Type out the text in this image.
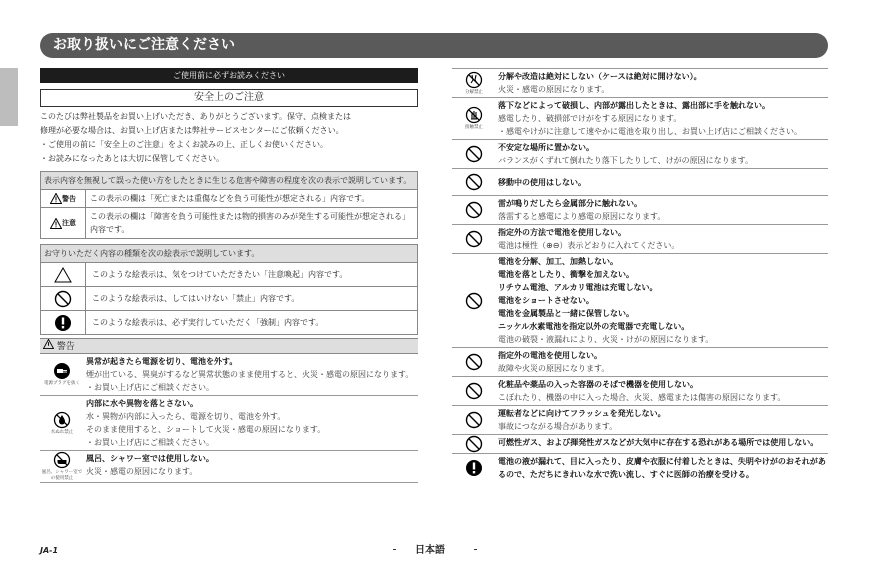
お取り扱いにご注意ください
ご使用前に必ずお読みください
安全上のご注意
このたびは弊社製品をお買い上げいただき、ありがとうございます。保守、点検または
修理が必要な場合は、お買い上げ店または弊社サービスセンターにご依頼ください。
・ご使用の前に「安全上のご注意」をよくお読みの上、正しくお使いください。
・お読みになったあとは大切に保管してください。
表示内容を無視して誤った使い方をしたときに生じる危害や障害の程度を次の表示で説明しています。
警告	この表示の欄は「死亡または重傷などを負う可能性が想定される」内容です。
注意
この表示の欄は「障害を負う可能性または物的損害のみが発生する可能性が想定される」内容です。
お守りいただく内容の種類を次の絵表示で説明しています。
このような絵表示は、気をつけていただきたい「注意喚起」内容です。
このような絵表示は、してはいけない「禁止」内容です。
このような絵表示は、必ず実行していただく「強制」内容です。
警告
電源プラグを抜く
異常が起きたら電源を切り、電池を外す。
煙が出ている、異臭がするなど異常状態のまま使用すると、火災・感電の原因になります。
・お買い上げ店にご相談ください。
水ぬれ禁止
内部に水や異物を落とさない。
水・異物が内部に入ったら、電源を切り、電池を外す。
そのまま使用すると、ショートして火災・感電の原因になります。
・お買い上げ店にご相談ください。
風呂、シャワー室での使用禁止
風呂、シャワー室では使用しない。
火災・感電の原因になります。
分解禁止
分解や改造は絶対にしない（ケースは絶対に開けない）。
火災・感電の原因になります。
接触禁止
落下などによって破損し、内部が露出したときは、露出部に手を触れない。
感電したり、破損部でけがをする原因になります。
・感電やけがに注意して速やかに電池を取り出し、お買い上げ店にご相談ください。
不安定な場所に置かない。
バランスがくずれて倒れたり落下したりして、けがの原因になります。
移動中の使用はしない。
雷が鳴りだしたら金属部分に触れない。
落雷すると感電により感電の原因になります。
指定外の方法で電池を使用しない。
電池は極性（⊕⊖）表示どおりに入れてください。
電池を分解、加工、加熱しない。
電池を落としたり、衝撃を加えない。
リチウム電池、アルカリ電池は充電しない。
電池をショートさせない。
電池を金属製品と一緒に保管しない。
ニッケル水素電池を指定以外の充電器で充電しない。
電池の破裂・液漏れにより、火災・けがの原因になります。
指定外の電池を使用しない。
故障や火災の原因になります。
化粧品や薬品の入った容器のそばで機器を使用しない。
こぼれたり、機器の中に入った場合、火災、感電または傷害の原因になります。
運転者などに向けてフラッシュを発光しない。
事故につながる場合があります。
可燃性ガス、および揮発性ガスなどが大気中に存在する恐れがある場所では使用しない。
電池の液が漏れて、目に入ったり、皮膚や衣服に付着したときは、失明やけがのおそれがあるので、ただちにきれいな水で洗い流し、すぐに医師の治療を受ける。
JA-1	日本語
